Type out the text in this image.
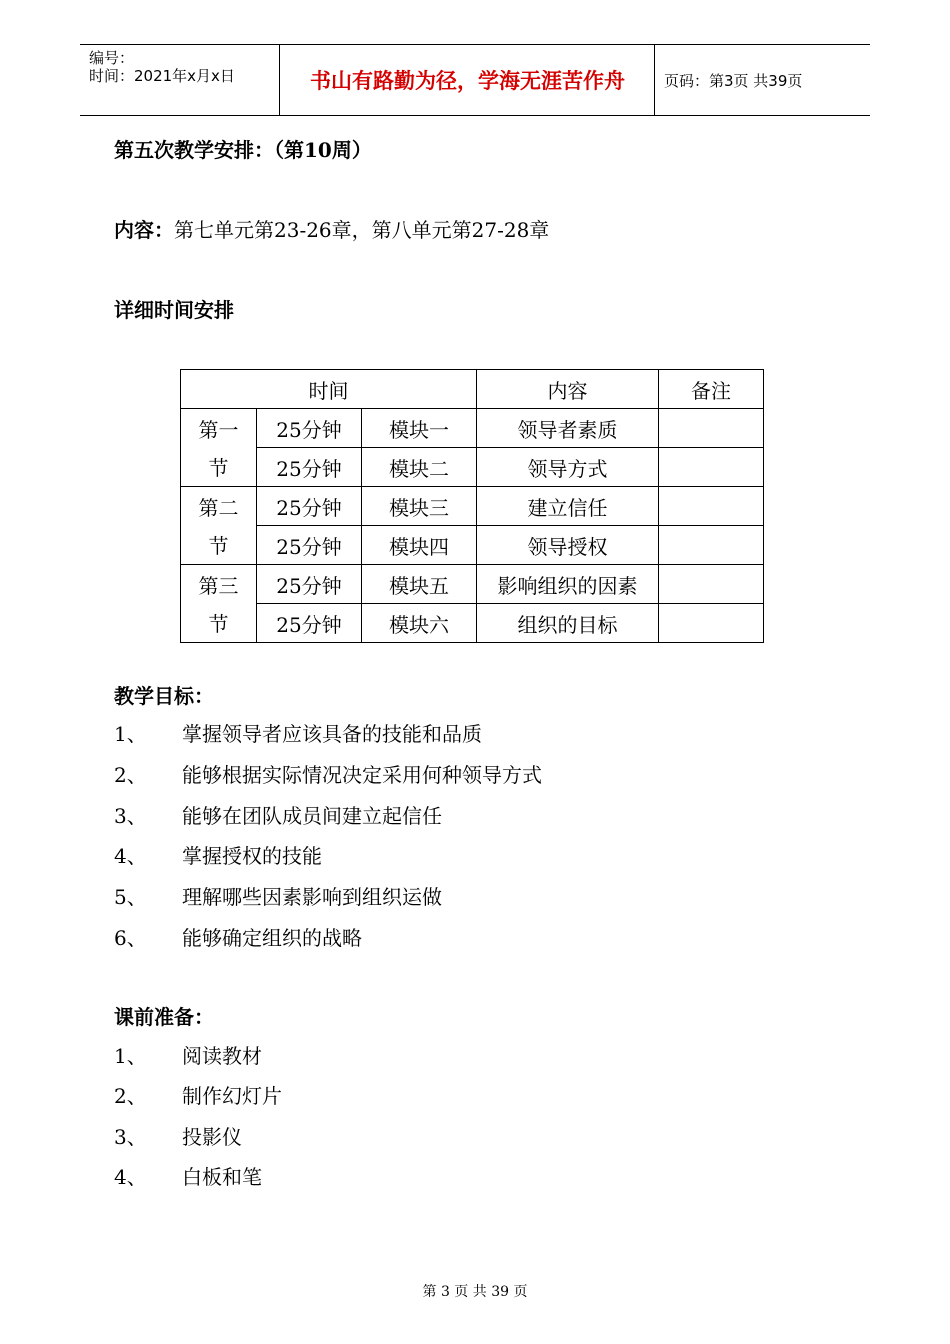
编号：
时间：2021年x月x日	书山有路勤为径，学海无涯苦作舟	页码：第3页 共39页
第五次教学安排：（第10周）
内容：第七单元第23-26章，第八单元第27-28章
详细时间安排
时间			内容	备注
第一	25分钟	模块一	领导者素质	
节	25分钟	模块二	领导方式	
第二	25分钟	模块三	建立信任	
节	25分钟	模块四	领导授权	
第三	25分钟	模块五	影响组织的因素	
节	25分钟	模块六	组织的目标	
教学目标：
1、 掌握领导者应该具备的技能和品质
2、 能够根据实际情况决定采用何种领导方式
3、 能够在团队成员间建立起信任
4、 掌握授权的技能
5、 理解哪些因素影响到组织运做
6、 能够确定组织的战略
课前准备：
1、 阅读教材
2、 制作幻灯片
3、 投影仪
4、 白板和笔
第 3 页 共 39 页
